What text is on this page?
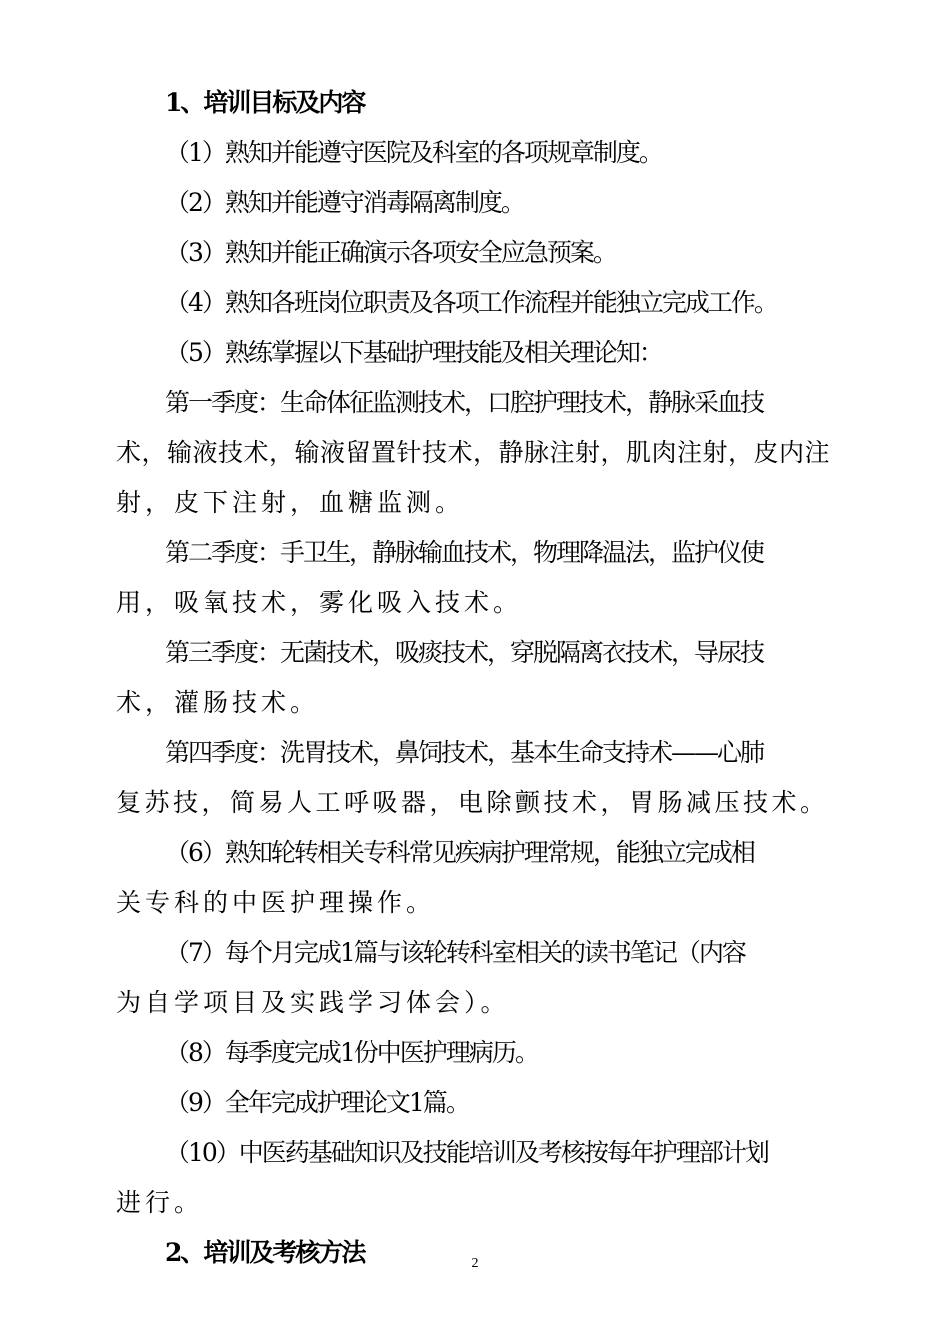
1、培训目标及内容
（1）熟知并能遵守医院及科室的各项规章制度。
（2）熟知并能遵守消毒隔离制度。
（3）熟知并能正确演示各项安全应急预案。
（4）熟知各班岗位职责及各项工作流程并能独立完成工作。
（5）熟练掌握以下基础护理技能及相关理论知：
第一季度：生命体征监测技术，口腔护理技术，静脉采血技
术，输液技术，输液留置针技术，静脉注射，肌肉注射，皮内注
射，皮下注射，血糖监测。
第二季度：手卫生，静脉输血技术，物理降温法，监护仪使
用，吸氧技术，雾化吸入技术。
第三季度：无菌技术，吸痰技术，穿脱隔离衣技术，导尿技
术，灌肠技术。
第四季度：洗胃技术，鼻饲技术，基本生命支持术——心肺
复苏技，简易人工呼吸器，电除颤技术，胃肠减压技术。
（6）熟知轮转相关专科常见疾病护理常规，能独立完成相
关专科的中医护理操作。
（7）每个月完成1篇与该轮转科室相关的读书笔记（内容
为自学项目及实践学习体会）。
（8）每季度完成1份中医护理病历。
（9）全年完成护理论文1篇。
（10）中医药基础知识及技能培训及考核按每年护理部计划
进行。
2、培训及考核方法	2
